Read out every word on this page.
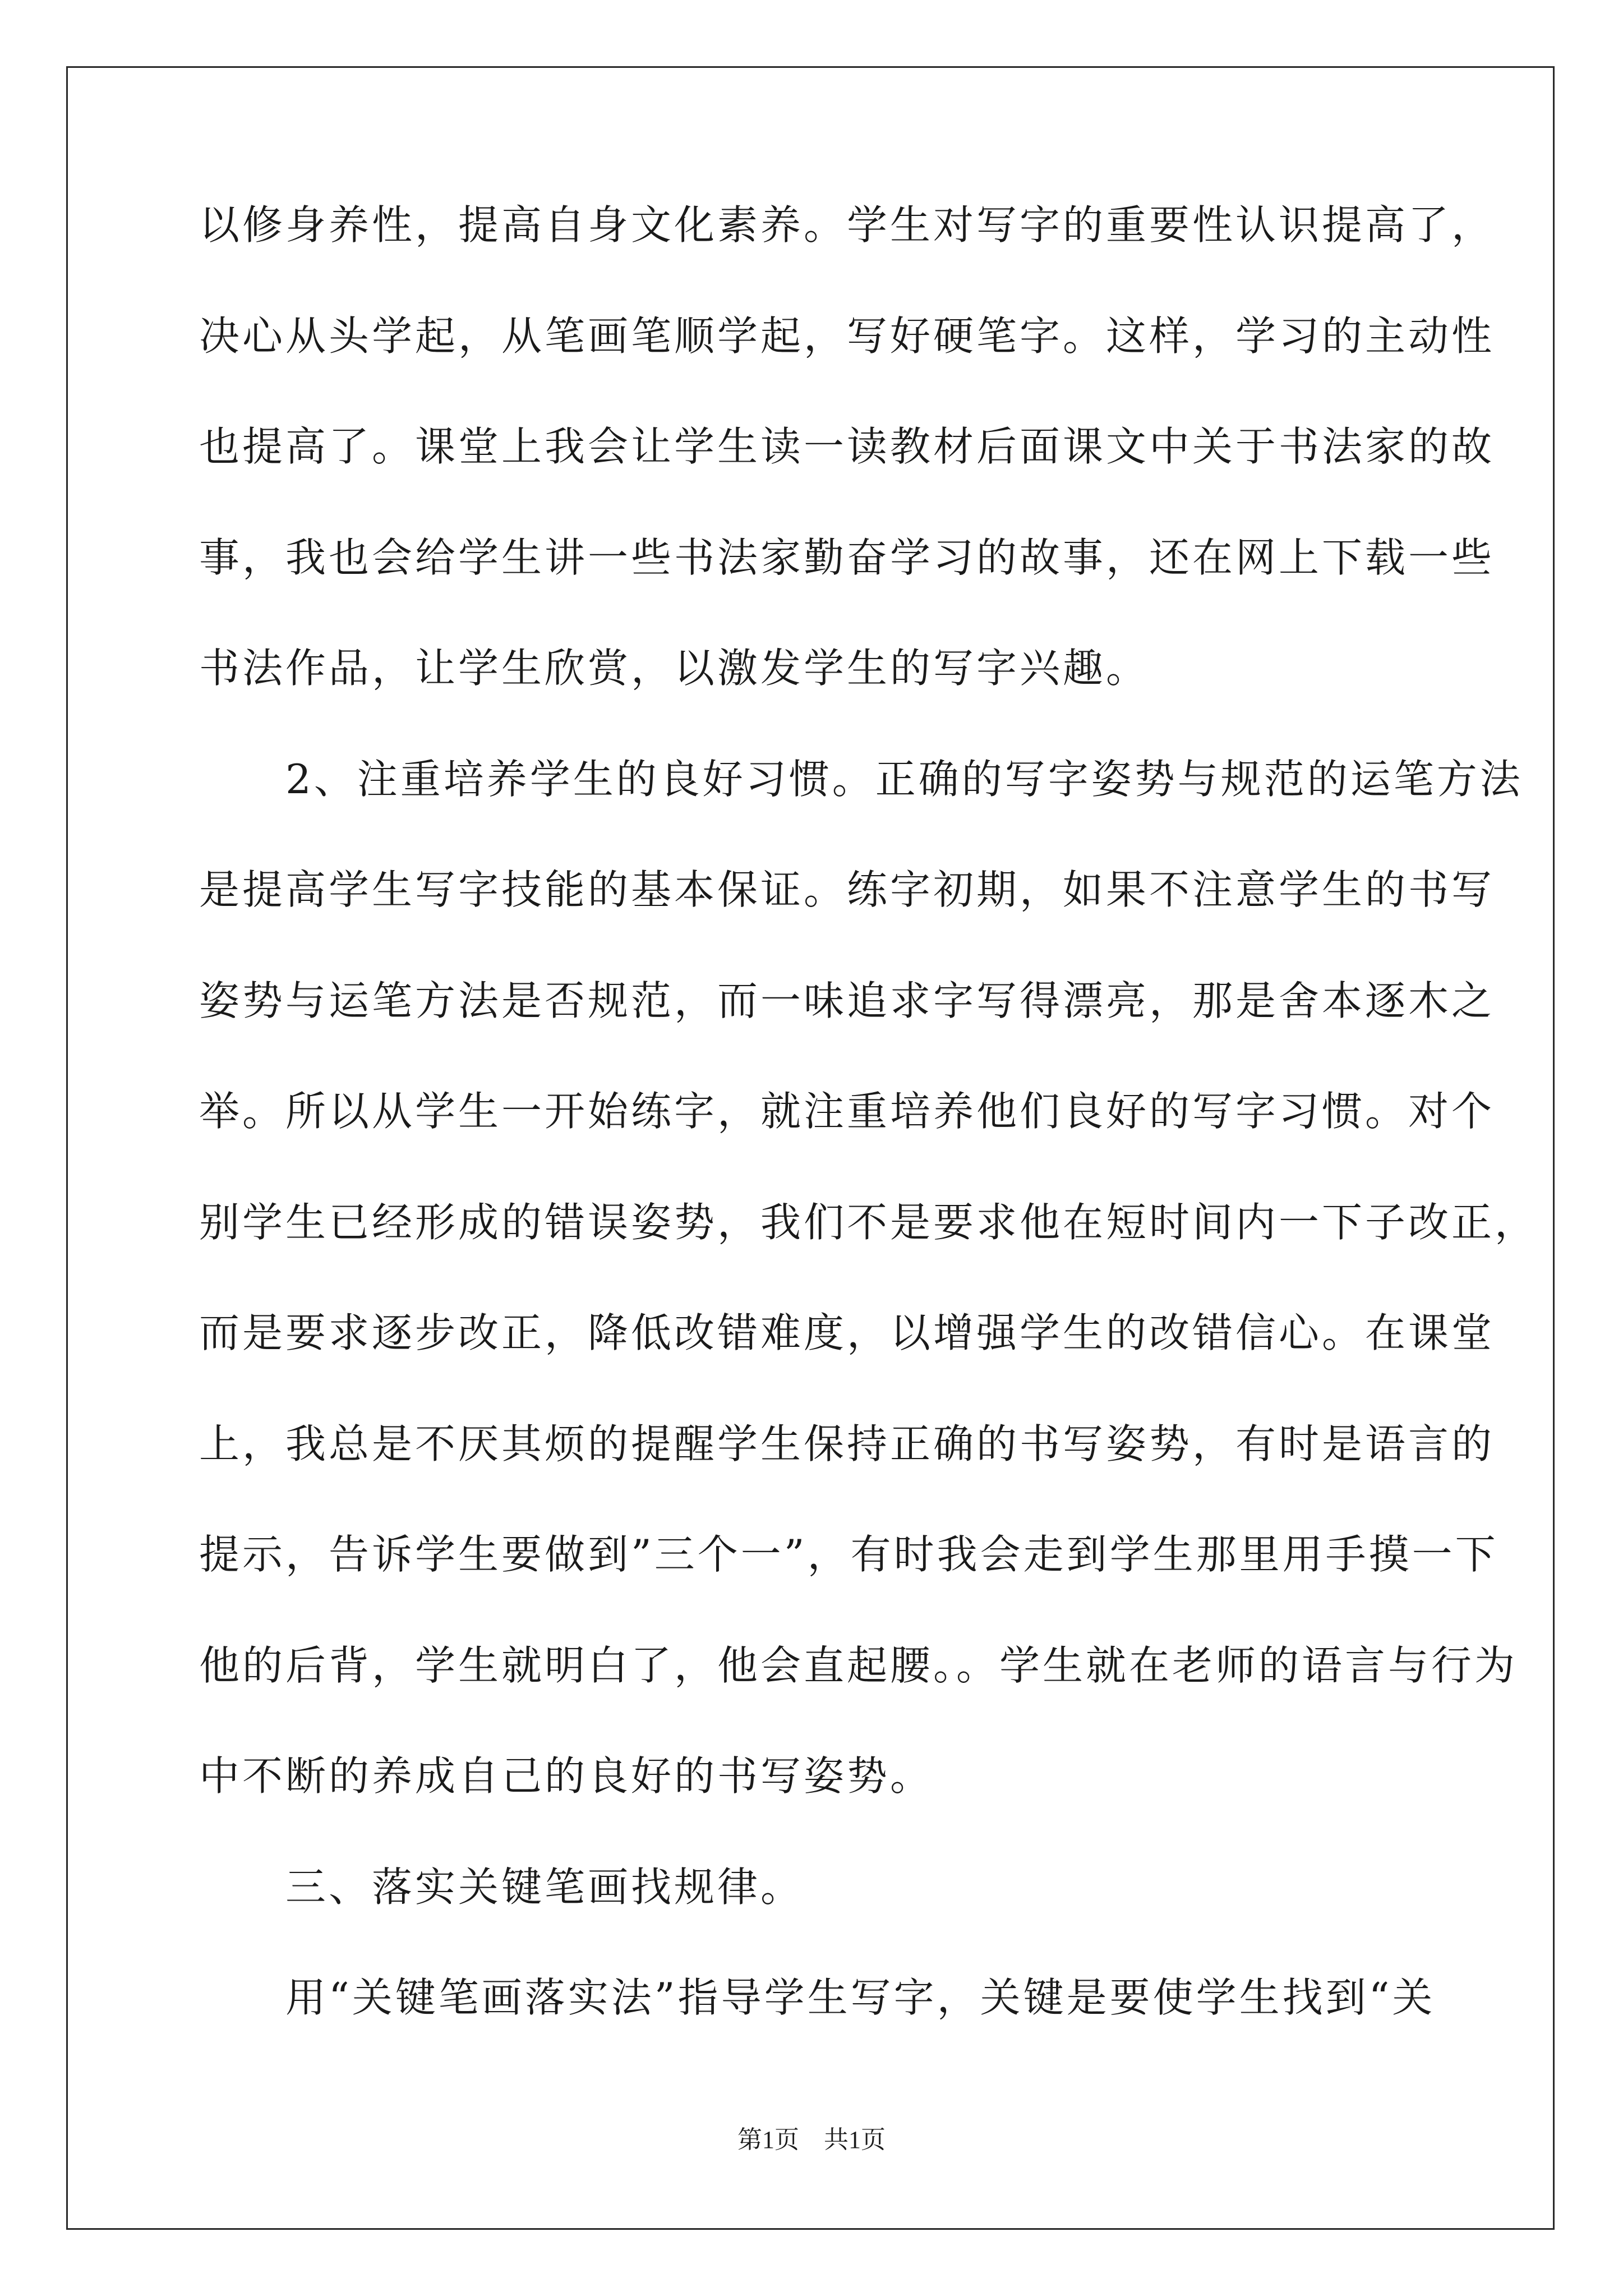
以修身养性，提高自身文化素养。学生对写字的重要性认识提高了，
决心从头学起，从笔画笔顺学起，写好硬笔字。这样，学习的主动性
也提高了。课堂上我会让学生读一读教材后面课文中关于书法家的故
事，我也会给学生讲一些书法家勤奋学习的故事，还在网上下载一些
书法作品，让学生欣赏，以激发学生的写字兴趣。
　　2、注重培养学生的良好习惯。正确的写字姿势与规范的运笔方法
是提高学生写字技能的基本保证。练字初期，如果不注意学生的书写
姿势与运笔方法是否规范，而一味追求字写得漂亮，那是舍本逐木之
举。所以从学生一开始练字，就注重培养他们良好的写字习惯。对个
别学生已经形成的错误姿势，我们不是要求他在短时间内一下子改正，
而是要求逐步改正，降低改错难度，以增强学生的改错信心。在课堂
上，我总是不厌其烦的提醒学生保持正确的书写姿势，有时是语言的
提示，告诉学生要做到”三个一”，有时我会走到学生那里用手摸一下
他的后背，学生就明白了，他会直起腰。。学生就在老师的语言与行为
中不断的养成自己的良好的书写姿势。
　　三、落实关键笔画找规律。
　　用“关键笔画落实法”指导学生写字，关键是要使学生找到“关
第1页　共1页
